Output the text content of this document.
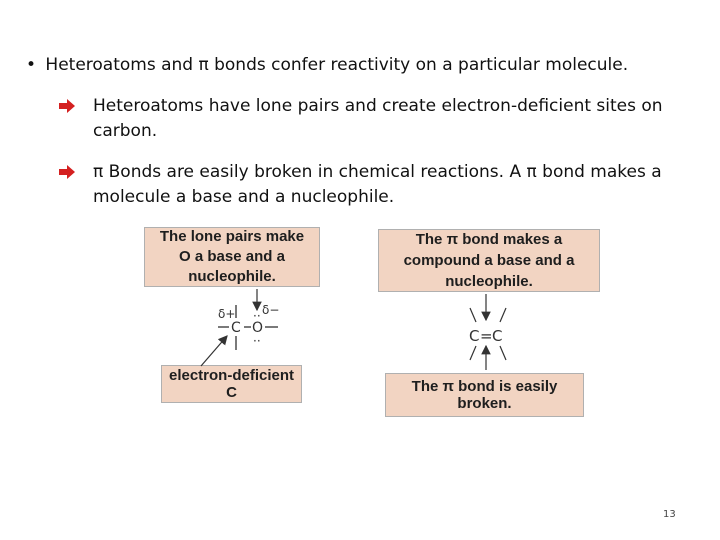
• Heteroatoms and π bonds confer reactivity on a particular molecule.
Heteroatoms have lone pairs and create electron-deficient sites on carbon.
π Bonds are easily broken in chemical reactions. A π bond makes a molecule a base and a nucleophile.
The lone pairs make O a base and a nucleophile.
electron-deficient C
The π bond makes a compound a base and a nucleophile.
The π bond is easily broken.
C O
··
··
δ+ δ−
C = C
13
